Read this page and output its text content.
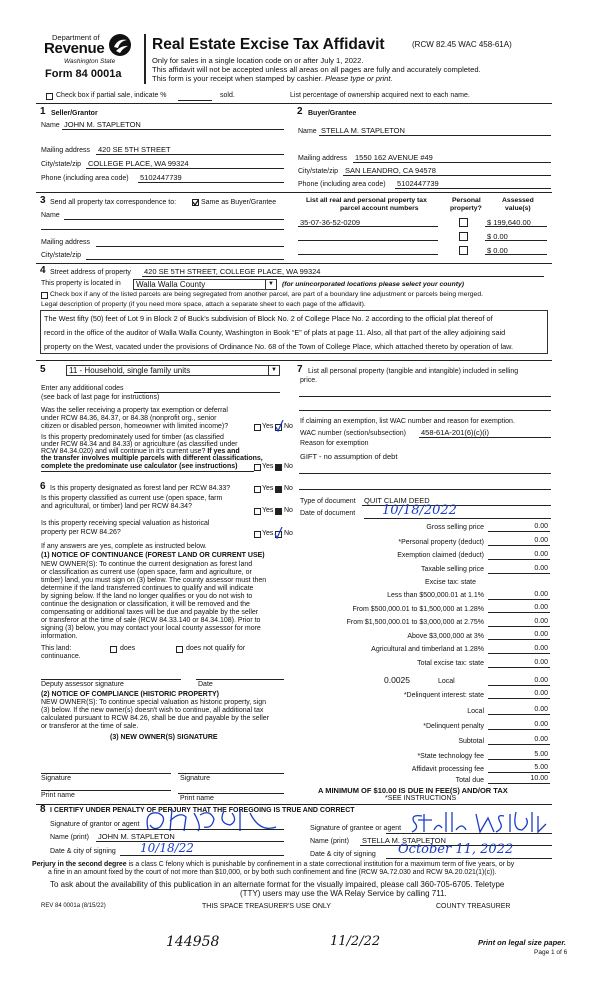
Department of
Revenue
Washington State
Form 84 0001a
Real Estate Excise Tax Affidavit	(RCW 82.45 WAC 458-61A)
Only for sales in a single location code on or after July 1, 2022.
This affidavit will not be accepted unless all areas on all pages are fully and accurately completed.
This form is your receipt when stamped by cashier. Please type or print.
Check box if partial sale, indicate %	sold.	List percentage of ownership acquired next to each name.
1 Seller/Grantor
Name JOHN M. STAPLETON
Mailing address 420 SE 5TH STREET
City/state/zip COLLEGE PLACE, WA 99324
Phone (including area code) 5102447739
2 Buyer/Grantee
Name STELLA M. STAPLETON
Mailing address 1550 162 AVENUE #49
City/state/zip SAN LEANDRO, CA 94578
Phone (including area code) 5102447739
3 Send all property tax correspondence to:	Same as Buyer/Grantee
Name
Mailing address
City/state/zip
List all real and personal property tax
parcel account numbers
Personal
property?
Assessed
value(s)
35-07-36-52-0209	$ 199,640.00
$ 0.00
$ 0.00
4 Street address of property 420 SE 5TH STREET, COLLEGE PLACE, WA 99324
This property is located in	Walla Walla County	▼ (for unincorporated locations please select your county)
Check box if any of the listed parcels are being segregated from another parcel, are part of a boundary line adjustment or parcels being merged.
Legal description of property (if you need more space, attach a separate sheet to each page of the affidavit).
The West fifty (50) feet of Lot 9 in Block 2 of Buck’s subdivision of Block No. 2 of College Place No. 2 according to the official plat thereof of
record in the office of the auditor of Walla Walla County, Washington in Book “E” of plats at page 11. Also, all that part of the alley adjoining said
property on the West, vacated under the provisions of Ordinance No. 68 of the Town of College Place, which attached thereto by operation of law.
5	11 - Household, single family units	▼
Enter any additional codes
(see back of last page for instructions)
Was the seller receiving a property tax exemption or deferral
under RCW 84.36, 84.37, or 84.38 (nonprofit org., senior
citizen or disabled person, homeowner with limited income)?	Yes No
Is this property predominately used for timber (as classified
under RCW 84.34 and 84.33) or agriculture (as classified under
RCW 84.34.020) and will continue in it's current use? If yes and
the transfer involves multiple parcels with different classifications,
complete the predominate use calculator (see instructions)	Yes No
6 Is this property designated as forest land per RCW 84.33?	Yes No
Is this property classified as current use (open space, farm
and agricultural, or timber) land per RCW 84.34?
Yes No
Is this property receiving special valuation as historical
property per RCW 84.26?	Yes No
If any answers are yes, complete as instructed below.
(1) NOTICE OF CONTINUANCE (FOREST LAND OR CURRENT USE)
NEW OWNER(S): To continue the current designation as forest land
or classification as current use (open space, farm and agriculture, or
timber) land, you must sign on (3) below. The county assessor must then
determine if the land transferred continues to qualify and will indicate
by signing below. If the land no longer qualifies or you do not wish to
continue the designation or classification, it will be removed and the
compensating or additional taxes will be due and payable by the seller
or transferor at the time of sale (RCW 84.33.140 or 84.34.108). Prior to
signing (3) below, you may contact your local county assessor for more
information.
This land:	does	does not qualify for
continuance.
Deputy assessor signature	Date
(2) NOTICE OF COMPLIANCE (HISTORIC PROPERTY)
NEW OWNER(S): To continue special valuation as historic property, sign
(3) below. If the new owner(s) doesn't wish to continue, all additional tax
calculated pursuant to RCW 84.26, shall be due and payable by the seller
or transferor at the time of sale.
(3) NEW OWNER(S) SIGNATURE
Signature	Signature
Print name	Print name
7 List all personal property (tangible and intangible) included in selling
price.
If claiming an exemption, list WAC number and reason for exemption.
WAC number (section/subsection) 458-61A-201(6)(c)(i)
Reason for exemption
GIFT - no assumption of debt
Type of document QUIT CLAIM DEED
Date of document 10/18/2022
Gross selling price	0.00
*Personal property (deduct)	0.00
Exemption claimed (deduct)	0.00
Taxable selling price	0.00
Excise tax: state
Less than $500,000.01 at 1.1%	0.00
From $500,000.01 to $1,500,000 at 1.28%	0.00
From $1,500,000.01 to $3,000,000 at 2.75%	0.00
Above $3,000,000 at 3%	0.00
Agricultural and timberland at 1.28%	0.00
Total excise tax: state	0.00
0.0025	Local	0.00
*Delinquent interest: state	0.00
Local	0.00
*Delinquent penalty	0.00
Subtotal	0.00
*State technology fee	5.00
Affidavit processing fee	5.00
Total due	10.00
A MINIMUM OF $10.00 IS DUE IN FEE(S) AND/OR TAX
*SEE INSTRUCTIONS
8 I CERTIFY UNDER PENALTY OF PERJURY THAT THE FOREGOING IS TRUE AND CORRECT
Signature of grantor or agent
Name (print) JOHN M. STAPLETON
Date & city of signing 10/18/22
Signature of grantee or agent
Name (print) STELLA M. STAPLETON
Date & city of signing October 11, 2022
Perjury in the second degree is a class C felony which is punishable by confinement in a state correctional institution for a maximum term of five years, or by
a fine in an amount fixed by the court of not more than $10,000, or by both such confinement and fine (RCW 9A.72.030 and RCW 9A.20.021(1)(c)).
To ask about the availability of this publication in an alternate format for the visually impaired, please call 360-705-6705. Teletype
(TTY) users may use the WA Relay Service by calling 711.
REV 84 0001a (8/15/22)	THIS SPACE TREASURER'S USE ONLY	COUNTY TREASURER
144958	11/2/22	Print on legal size paper.
Page 1 of 6
